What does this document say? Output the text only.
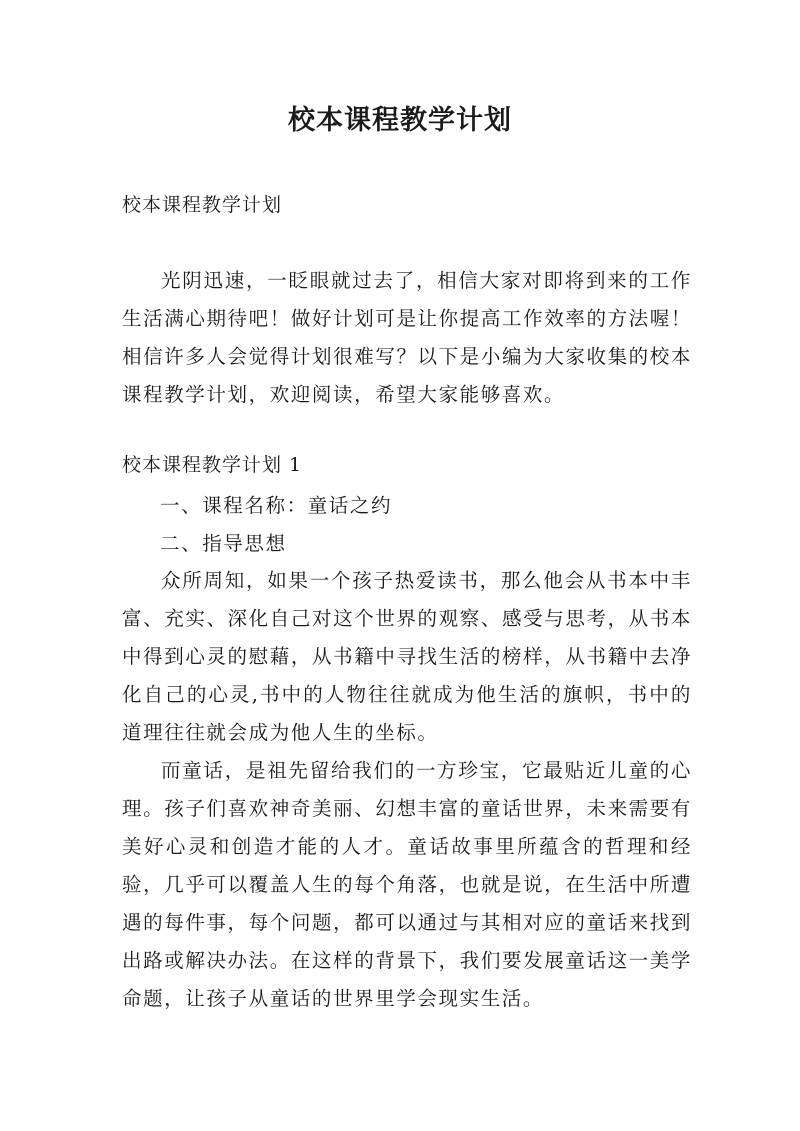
校本课程教学计划

校本课程教学计划

光阴迅速，一眨眼就过去了，相信大家对即将到来的工作生活满心期待吧！做好计划可是让你提高工作效率的方法喔！相信许多人会觉得计划很难写？以下是小编为大家收集的校本课程教学计划，欢迎阅读，希望大家能够喜欢。

校本课程教学计划 1

一、课程名称：童话之约

二、指导思想

众所周知，如果一个孩子热爱读书，那么他会从书本中丰富、充实、深化自己对这个世界的观察、感受与思考，从书本中得到心灵的慰藉，从书籍中寻找生活的榜样，从书籍中去净化自己的心灵,书中的人物往往就成为他生活的旗帜，书中的道理往往就会成为他人生的坐标。

而童话，是祖先留给我们的一方珍宝，它最贴近儿童的心理。孩子们喜欢神奇美丽、幻想丰富的童话世界，未来需要有美好心灵和创造才能的人才。童话故事里所蕴含的哲理和经验，几乎可以覆盖人生的每个角落，也就是说，在生活中所遭遇的每件事，每个问题，都可以通过与其相对应的童话来找到出路或解决办法。在这样的背景下，我们要发展童话这一美学命题，让孩子从童话的世界里学会现实生活。
